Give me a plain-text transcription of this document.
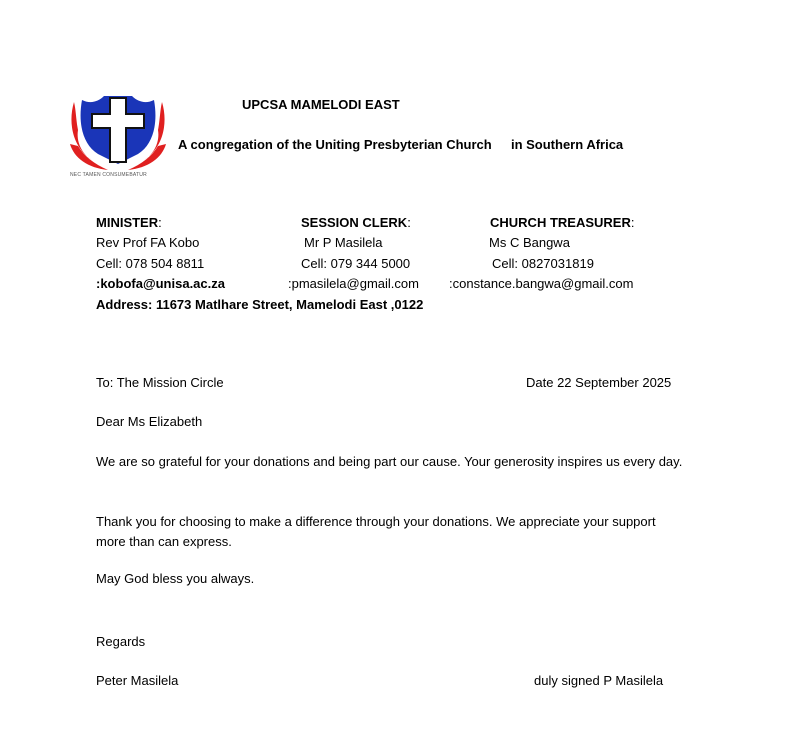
NEC TAMEN CONSUMEBATUR
UPCSA MAMELODI EAST
A congregation of the Uniting Presbyterian Church in Southern Africa
MINISTER:
Rev Prof FA Kobo
Cell: 078 504 8811
:kobofa@unisa.ac.za
SESSION CLERK:
Mr P Masilela
Cell: 079 344 5000
:pmasilela@gmail.com
CHURCH TREASURER:
Ms C Bangwa
Cell: 0827031819
:constance.bangwa@gmail.com
Address: 11673 Matlhare Street, Mamelodi East ,0122
To: The Mission Circle	Date 22 September 2025
Dear Ms Elizabeth
We are so grateful for your donations and being part our cause. Your generosity inspires us every day.
Thank you for choosing to make a difference through your donations. We appreciate your support more than can express.
May God bless you always.
Regards
Peter Masilela	duly signed P Masilela
